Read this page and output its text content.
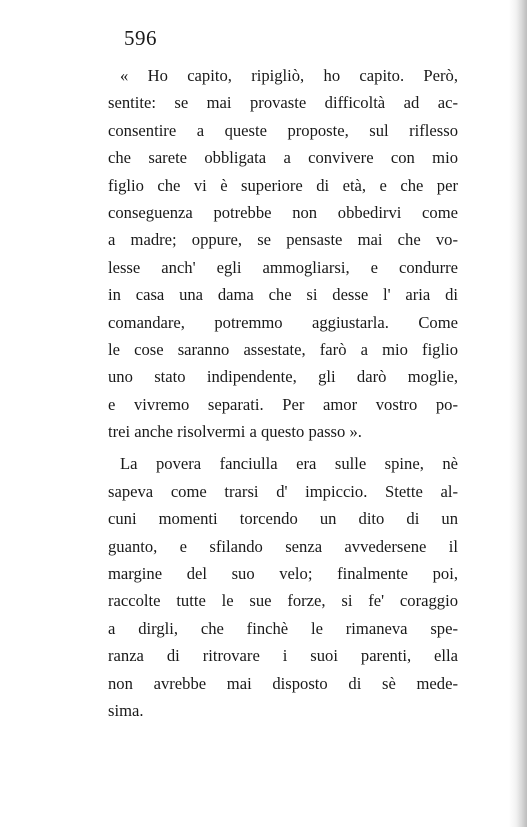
596
« Ho capito, ripigliò, ho capito. Però,
sentite: se mai provaste difficoltà ad ac-
consentire a queste proposte, sul riflesso
che sarete obbligata a convivere con mio
figlio che vi è superiore di età, e che per
conseguenza potrebbe non obbedirvi come
a madre; oppure, se pensaste mai che vo-
lesse anch' egli ammogliarsi, e condurre
in casa una dama che si desse l' aria di
comandare, potremmo aggiustarla. Come
le cose saranno assestate, farò a mio figlio
uno stato indipendente, gli darò moglie,
e vivremo separati. Per amor vostro po-
trei anche risolvermi a questo passo ».
La povera fanciulla era sulle spine, nè
sapeva come trarsi d' impiccio. Stette al-
cuni momenti torcendo un dito di un
guanto, e sfilando senza avvedersene il
margine del suo velo; finalmente poi,
raccolte tutte le sue forze, si fe' coraggio
a dirgli, che finchè le rimaneva spe-
ranza di ritrovare i suoi parenti, ella
non avrebbe mai disposto di sè mede-
sima.
